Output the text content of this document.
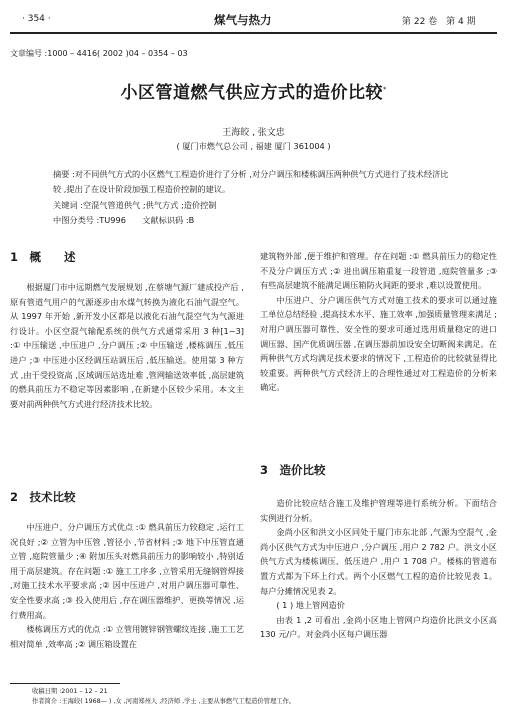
· 354 ·	煤气与热力	第 22 卷　第 4 期
文章编号 :1000 – 4416( 2002 )04 – 0354 – 03
小区管道燃气供应方式的造价比较*
王海皎 , 张文忠
( 厦门市燃气总公司 , 福建 厦门 361004 )
摘要 :对不同供气方式的小区燃气工程造价进行了分析 ,对分户调压和楼栋调压两种供气方式进行了技术经济比较 ,提出了在设计阶段加强工程造价控制的建议。
关键词 :空混气管道供气 ;供气方式 ;造价控制
中图分类号 :TU996　　文献标识码 :B
1　概　　述

根据厦门市中远期燃气发展规划 ,在蔡塘气源厂建成投产后 ,原有管道气用户的气源逐步由水煤气转换为液化石油气混空气。从 1997 年开始 ,新开发小区都是以液化石油气混空气为气源进行设计。小区空混气输配系统的供气方式通常采用 3 种[1~3] :① 中压输送 ,中压进户 ,分户调压 ;② 中压输送 ,楼栋调压 ,低压进户 ;③ 中压进小区经调压站调压后 ,低压输送。使用第 3 种方式 ,由于受投资高 ,区域调压站选址难 ,管网输送效率低 ,高层建筑的燃具前压力不稳定等因素影响 ,在新建小区较少采用。本文主要对前两种供气方式进行经济技术比较。

2　技术比较

中压进户、分户调压方式优点 :① 燃具前压力较稳定 ,运行工况良好 ;② 立管为中压管 ,管径小 ,节省材料 ;③ 地下中压管直通立管 ,庭院管量少 ;④ 附加压头对燃具前压力的影响较小 ,特别适用于高层建筑。存在问题 :① 施工工序多 ,立管采用无缝钢管焊接 ,对施工技术水平要求高 ;② 因中压进户 ,对用户调压器可靠性、安全性要求高 ;③ 投入使用后 ,存在调压器维护、更换等情况 ,运行费用高。

楼栋调压方式的优点 :① 立管用镀锌钢管螺纹连接 ,施工工艺相对简单 ,效率高 ;② 调压箱设置在

建筑物外部 ,便于维护和管理。存在问题 :① 燃具前压力的稳定性不及分户调压方式 ;② 进出调压箱重复一段管道 ,庭院管量多 ;③ 有些高层建筑不能满足调压箱防火间距的要求 ,难以设置使用。

中压进户、分户调压供气方式对施工技术的要求可以通过施工单位总结经验 ,提高技术水平、施工效率 ,加强质量管理来满足 ;对用户调压器可靠性、安全性的要求可通过选用质量稳定的进口调压器、国产优质调压器 ,在调压器前加设安全切断阀来满足。在两种供气方式均满足技术要求的情况下 ,工程造价的比较就显得比较重要。两种供气方式经济上的合理性通过对工程造价的分析来确定。

3　造价比较

造价比较应结合施工及维护管理等进行系统分析。下面结合实例进行分析。

金尚小区和洪文小区同处于厦门市东北部 ,气源为空混气 ,金尚小区供气方式为中压进户 ,分户调压 ,用户 2 782 户。洪文小区供气方式为楼栋调压、低压进户 ,用户 1 708 户。楼栋的管道布置方式都为下环上行式。两个小区燃气工程的造价比较见表 1。每户分摊情况见表 2。

( 1 ) 地上管网造价

由表 1 ,2 可看出 ,金尚小区地上管网户均造价比洪文小区高 130 元/户。对金尚小区每户调压器

收稿日期 :2001 – 12 – 21
作者简介 :王海皎( 1968— ) ,女 ,河南郑州人 ,经济师 ,学士 ,主要从事燃气工程造价管理工作。
